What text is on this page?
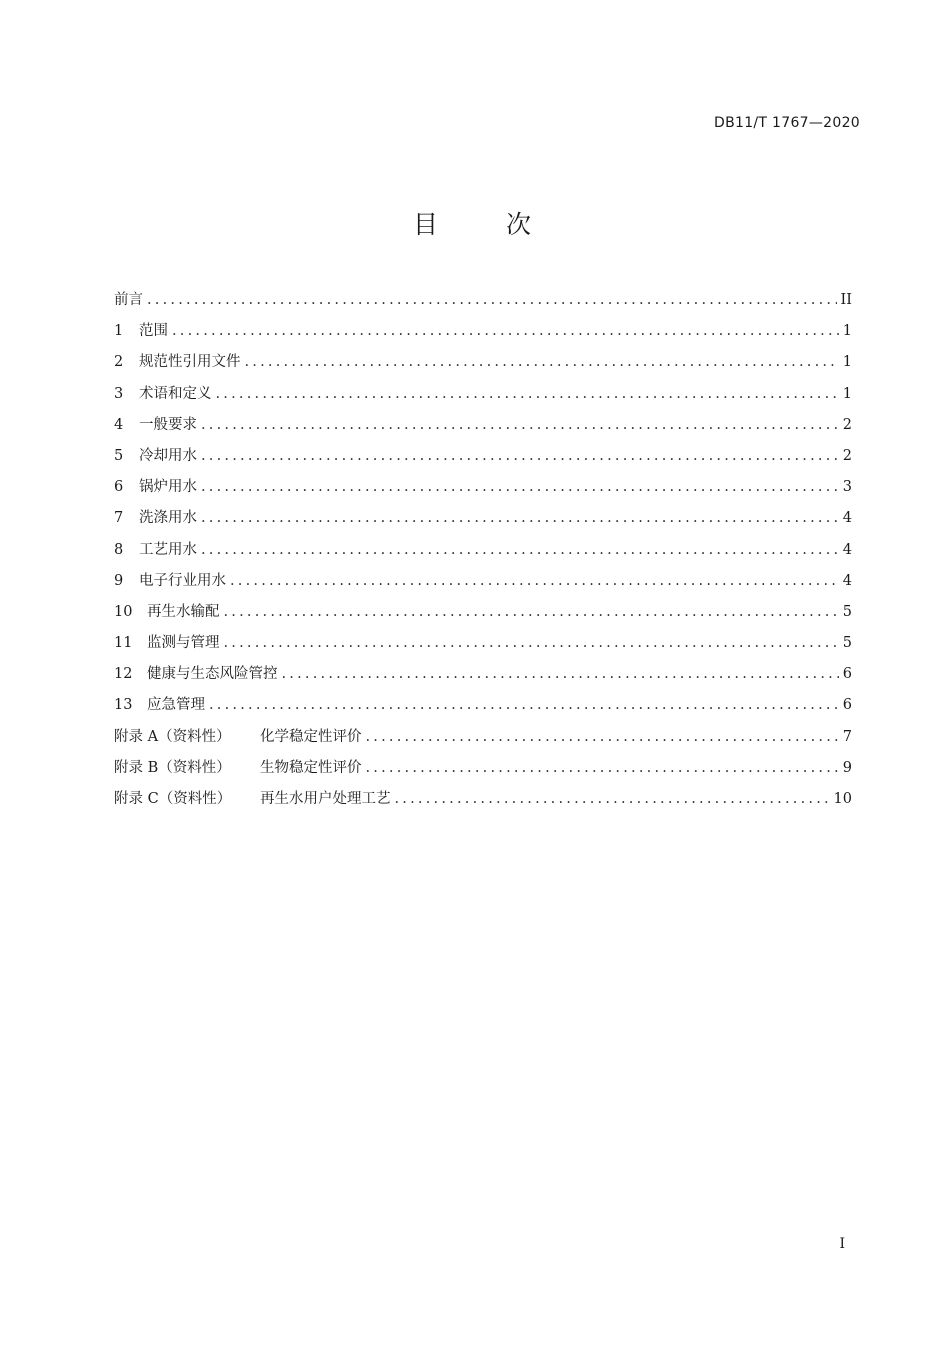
DB11/T 1767—2020
目 次
前言 .....	II
1	范围 .....	1
2	规范性引用文件 .....	1
3	术语和定义 .....	1
4	一般要求 .....	2
5	冷却用水 .....	2
6	锅炉用水 .....	3
7	洗涤用水 .....	4
8	工艺用水 .....	4
9	电子行业用水 .....	4
10	再生水输配 .....	5
11	监测与管理 .....	5
12	健康与生态风险管控 .....	6
13	应急管理 .....	6
附录 A（资料性）	化学稳定性评价 .....	7
附录 B（资料性）	生物稳定性评价 .....	9
附录 C（资料性）	再生水用户处理工艺 .....	10
I
